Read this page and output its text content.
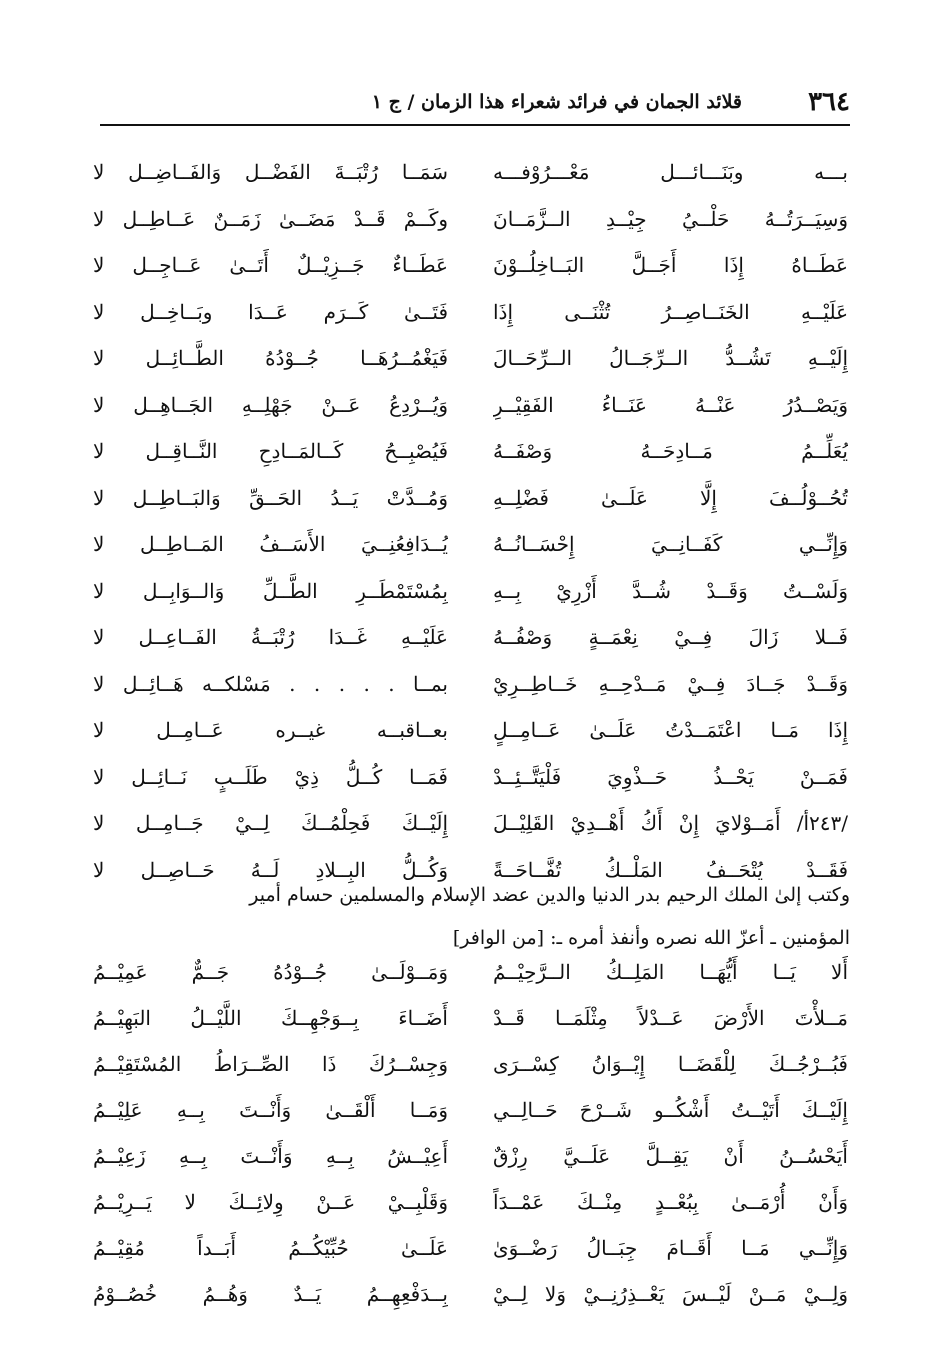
٣٦٤
قلائد الجمان في فرائد شعراء هذا الزمان / ج ١
بـــه وبَنَـــائـــل مَعْـــرُوْفـــه
سَمَــا رُتْبَــةَ الفَضْــل وَالفَــاضِــل لا
وَسِيَــرَتُــهُ حَلْــيُ جِيْــدِ الــزَّمَــانَ
وكَــمْ قَــدْ مَضَــىٰ زَمَــنٌ عَــاطِــل لا
عَطَــاهُ إِذَا أَجَــلَّ البَــاخِلُــوْنَ
عَطَــاءٌ جَــزِيْــلٌ أَتَــىٰ عَــاجِــل لا
عَلَيْــهِ الخَنَــاصِــرُ تُثْنَــى إِذَا
فَتَــىٰ كَــرَم عَــدَا وبَــاخِــل لا
إِلَيْــهِ تَشُــدُّ الــرِّجَــالُ الــرِّحَــالَ
فَيَغْمُــرُهَــا جُــوْدُهُ الطَّــائِــل لا
وَيَصْــدُرُ عَنْــهُ عَنَــاءُ الفَقِيْــرِ
وَيُــرْدِعُ عَــنْ جَهْلِــهِ الجَــاهِــل لا
يُعَلِّــمُ مَــادِحَــهُ وَصْفَــهُ
فَيُصْبِــحُ كَــالمَــادِحِ النَّــاقِــل لا
تُحُــوْلُــفَ إِلَّا عَلَــىٰ فَضْلِــهِ
وَمُــدَّتْ يَــدُ الحَــقِّ وَالبَــاطِــل لا
وَإِنِّــي كَفَــانِــيَ إِحْسَــانُــهُ
يُــدَافِعُنِــيَ الأَسَــفُ المَــاطِــل لا
وَلَسْــتُ وَقَــدْ شُــدَّ أَزْرِيْ بِــهِ
بِمُسْتَمْطَــرِ الطَّــلِّ وَالــوَابِــل لا
فَــلا زَالَ فِــيْ نِعْمَــةٍ وَصْفُــهُ
عَلَيْــهِ غَــدَا رُتْبَــةُ الفَــاعِــل لا
وَقَــدْ جَــادَ فِــيْ مَــدْحِــهِ خَــاطِــرِيْ
بمــا . . . . . مَسْلكــه هَــائِــل لا
إِذَا مَــا اعْتَمَــدْتُ عَلَــىٰ عَــامِــلٍ
بعــاقبــه غيــره عَــامِــل لا
فَمَــنْ يَحْــذُ حَــذْوِيَ فَلْيَتَّــئِــدْ
فَمَــا كُــلُّ ذِيْ طَلَــبٍ نَــائِــل لا
/٢٤٣أ/ أَمَــوْلايَ إِنْ أَكُ أَهْــدِيْ القَلِيْــلَ
إِلَيْــكَ فَحِلْمُــكَ لِــيْ جَــامِــل لا
فَقَــدْ يُتْحَــفُ المَلْــكُ تُفَّــاحَــةً
وَكُــلُّ البِــلادِ لَــهُ حَــاصِــل لا

وكتب إلىٰ الملك الرحيم بدر الدنيا والدين عضد الإسلام والمسلمين حسام أمير

المؤمنين ـ أعزّ الله نصره وأنفذ أمره ـ: [من الوافر]

أَلا يَــا أَيُّهَــا المَلِــكُ الــرَّحِيْــمُ
وَمَــوْلَــىٰ جُــوْدُهُ جَــمٌّ عَمِيْــمُ
مَــلأْتَ الأَرْضَ عَــدْلاً مِثْلَمَــا قَــدْ
أَضَــاءَ بِــوَجْهِــكَ اللَّيْــلُ البَهِيْــمُ
فَبُــرْجُــكَ لِلْقَضَــا إِيْــوَانُ كِسْــرَى
وَجِسْــرُكَ ذَا الصِّــرَاطُ المُسْتَقِيْــمُ
إِلَيْــكَ أَتَيْــتُ أَشْكُــو شَــرْحَ حَــالِــي
وَمَــا أَلْقَــىٰ وَأَنْــتَ بِــهِ عَلِيْــمُ
أَيَحْسُــنُ أَنْ يَقِــلَّ عَلَــيَّ رِزْقٌ
أَعِيْــشُ بِــهِ وَأَنْــتَ بِــهِ زَعِيْــمُ
وَأَنْ أُرْمَــىٰ بِبُعْــدٍ مِنْــكَ عَمْــدَاً
وَقَلْبِــيْ عَــنْ وِلائِــكَ لا يَــرِيْــمُ
وَإِنِّــي مَــا أَقَــامَ جِبَــالُ رَضْــوَىٰ
عَلَــىٰ حُبِّيْكُــمُ أَبَــداً مُقِيْــمُ
وَلِــيْ مَــنْ لَيْــسَ يَعْــذِرُنِــيْ وَلا لِــيْ
بِــدَفْعِهِــمُ يَــدٌ وَهُــمُ خُصُــوْمُ
